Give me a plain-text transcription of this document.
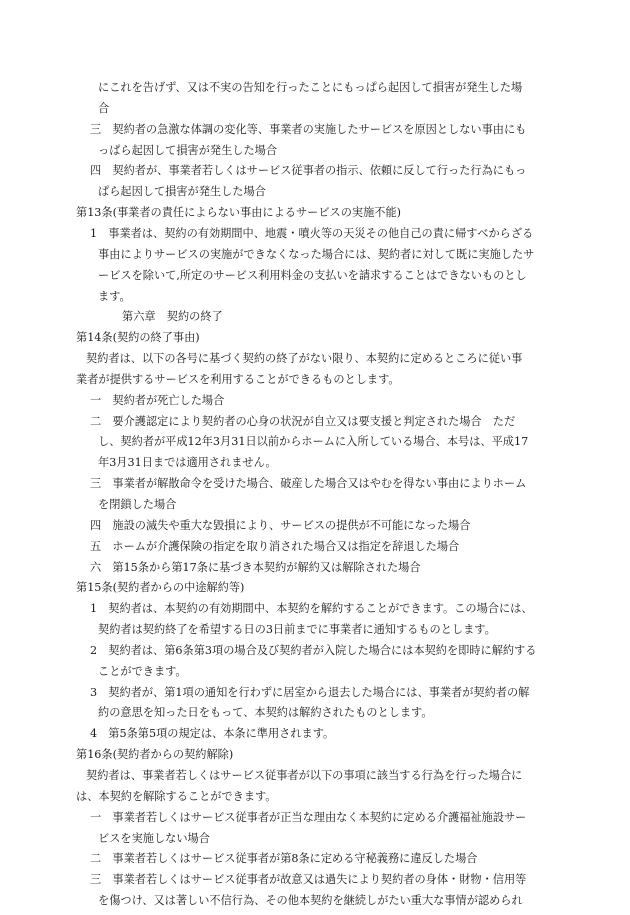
にこれを告げず、又は不実の告知を行ったことにもっぱら起因して損害が発生した場
合
三　契約者の急激な体調の変化等、事業者の実施したサービスを原因としない事由にも
っぱら起因して損害が発生した場合
四　契約者が、事業者若しくはサービス従事者の指示、依頼に反して行った行為にもっ
ぱら起因して損害が発生した場合
第13条(事業者の責任によらない事由によるサービスの実施不能)
1　事業者は、契約の有効期間中、地震・噴火等の天災その他自己の責に帰すべからざる
事由によりサービスの実施ができなくなった場合には、契約者に対して既に実施したサ
ービスを除いて,所定のサービス利用料金の支払いを請求することはできないものとし
ます。
第六章　契約の終了
第14条(契約の終了事由)
契約者は、以下の各号に基づく契約の終了がない限り、本契約に定めるところに従い事
業者が提供するサービスを利用することができるものとします。
一　契約者が死亡した場合
二　要介護認定により契約者の心身の状況が自立又は要支援と判定された場合　ただ
し、契約者が平成12年3月31日以前からホームに入所している場合、本号は、平成17
年3月31日までは適用されません。
三　事業者が解散命令を受けた場合、破産した場合又はやむを得ない事由によりホーム
を閉鎖した場合
四　施設の滅失や重大な毀損により、サービスの提供が不可能になった場合
五　ホームが介護保険の指定を取り消された場合又は指定を辞退した場合
六　第15条から第17条に基づき本契約が解約又は解除された場合
第15条(契約者からの中途解約等)
1　契約者は、本契約の有効期間中、本契約を解約することができます。この場合には、
契約者は契約終了を希望する日の3日前までに事業者に通知するものとします。
2　契約者は、第6条第3項の場合及び契約者が入院した場合には本契約を即時に解約する
ことができます。
3　契約者が、第1項の通知を行わずに居室から退去した場合には、事業者が契約者の解
約の意思を知った日をもって、本契約は解約されたものとします。
4　第5条第5項の規定は、本条に準用されます。
第16条(契約者からの契約解除)
契約者は、事業者若しくはサービス従事者が以下の事項に該当する行為を行った場合に
は、本契約を解除することができます。
一　事業者若しくはサービス従事者が正当な理由なく本契約に定める介護福祉施設サー
ビスを実施しない場合
二　事業者若しくはサービス従事者が第8条に定める守秘義務に違反した場合
三　事業者若しくはサービス従事者が故意又は過失により契約者の身体・財物・信用等
を傷つけ、又は著しい不信行為、その他本契約を継続しがたい重大な事情が認められ
